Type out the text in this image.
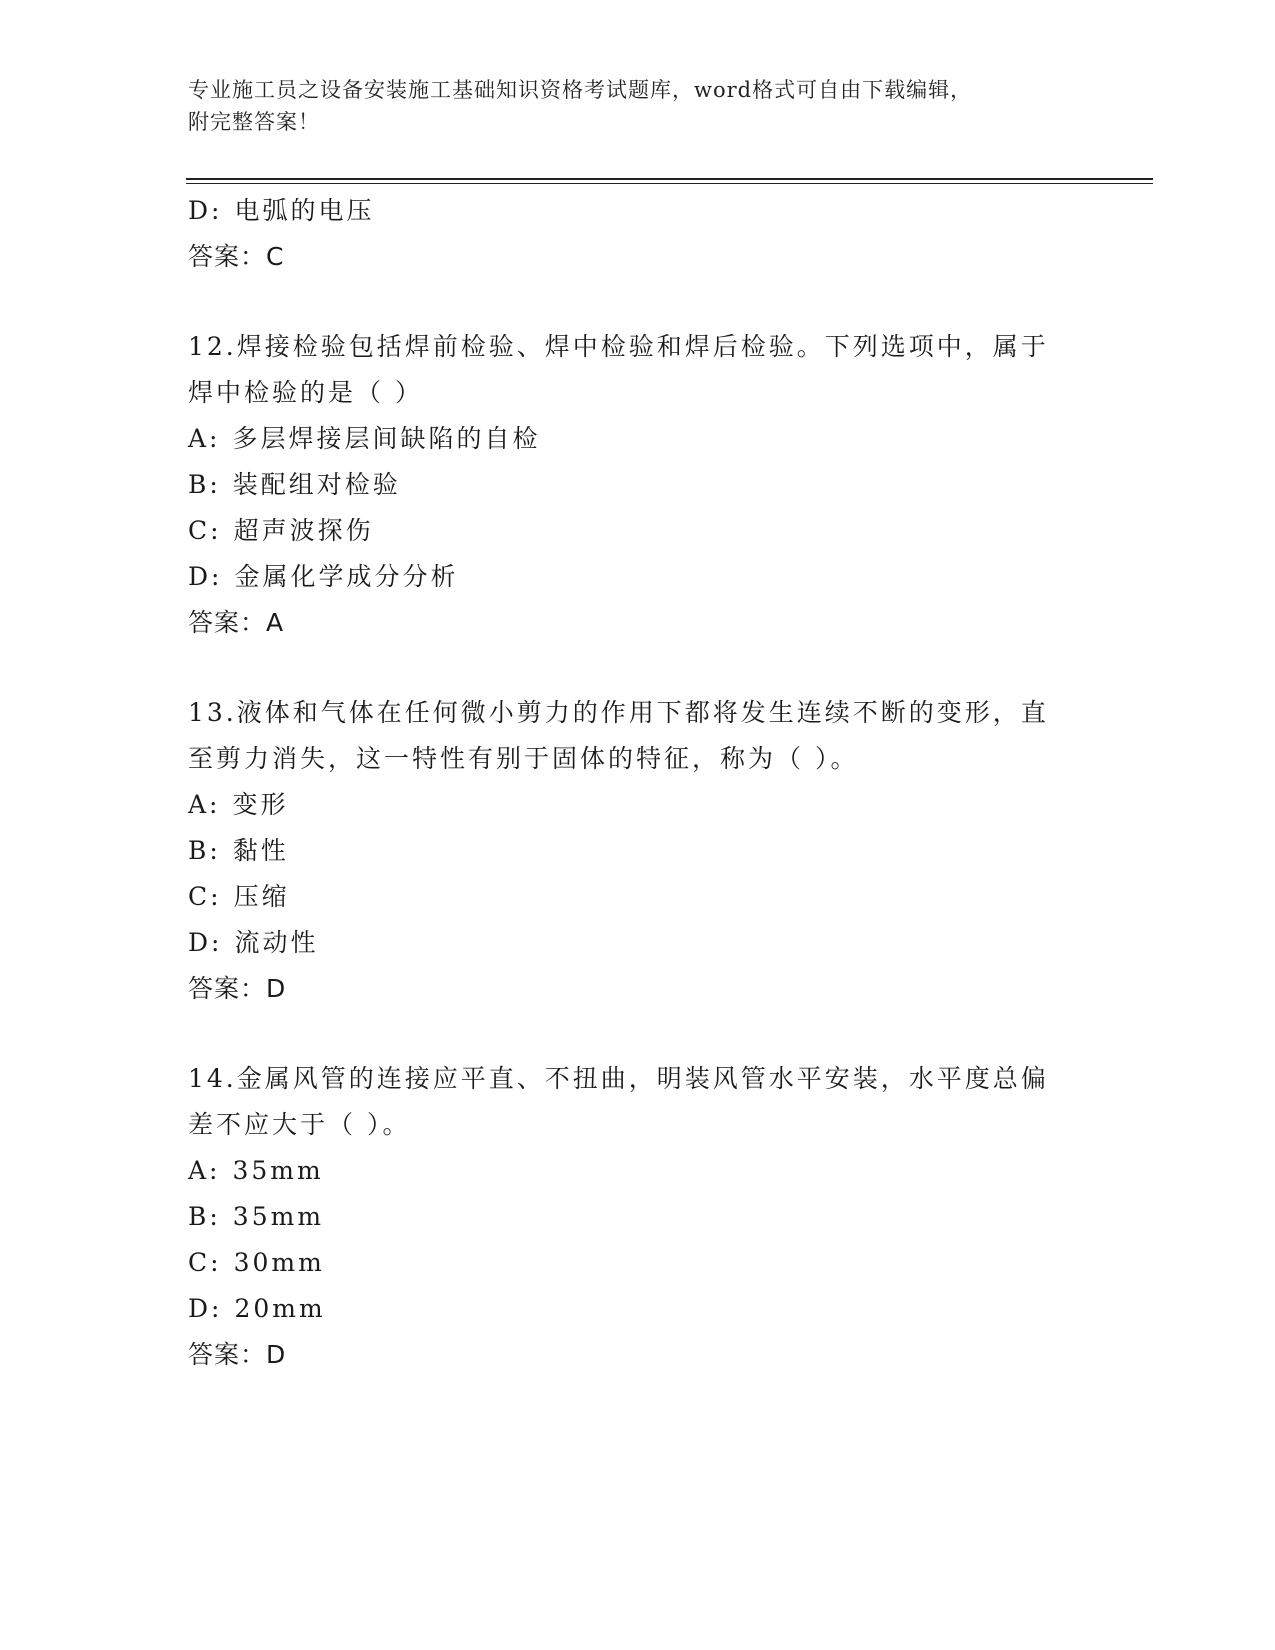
专业施工员之设备安装施工基础知识资格考试题库，word格式可自由下载编辑，
附完整答案！
D: 电弧的电压
答案：C
12.焊接检验包括焊前检验、焊中检验和焊后检验。下列选项中，属于
焊中检验的是（ ）
A: 多层焊接层间缺陷的自检
B: 装配组对检验
C: 超声波探伤
D: 金属化学成分分析
答案：A
13.液体和气体在任何微小剪力的作用下都将发生连续不断的变形，直
至剪力消失，这一特性有别于固体的特征，称为（ ）。
A: 变形
B: 黏性
C: 压缩
D: 流动性
答案：D
14.金属风管的连接应平直、不扭曲，明装风管水平安装，水平度总偏
差不应大于（ ）。
A: 35mm
B: 35mm
C: 30mm
D: 20mm
答案：D
